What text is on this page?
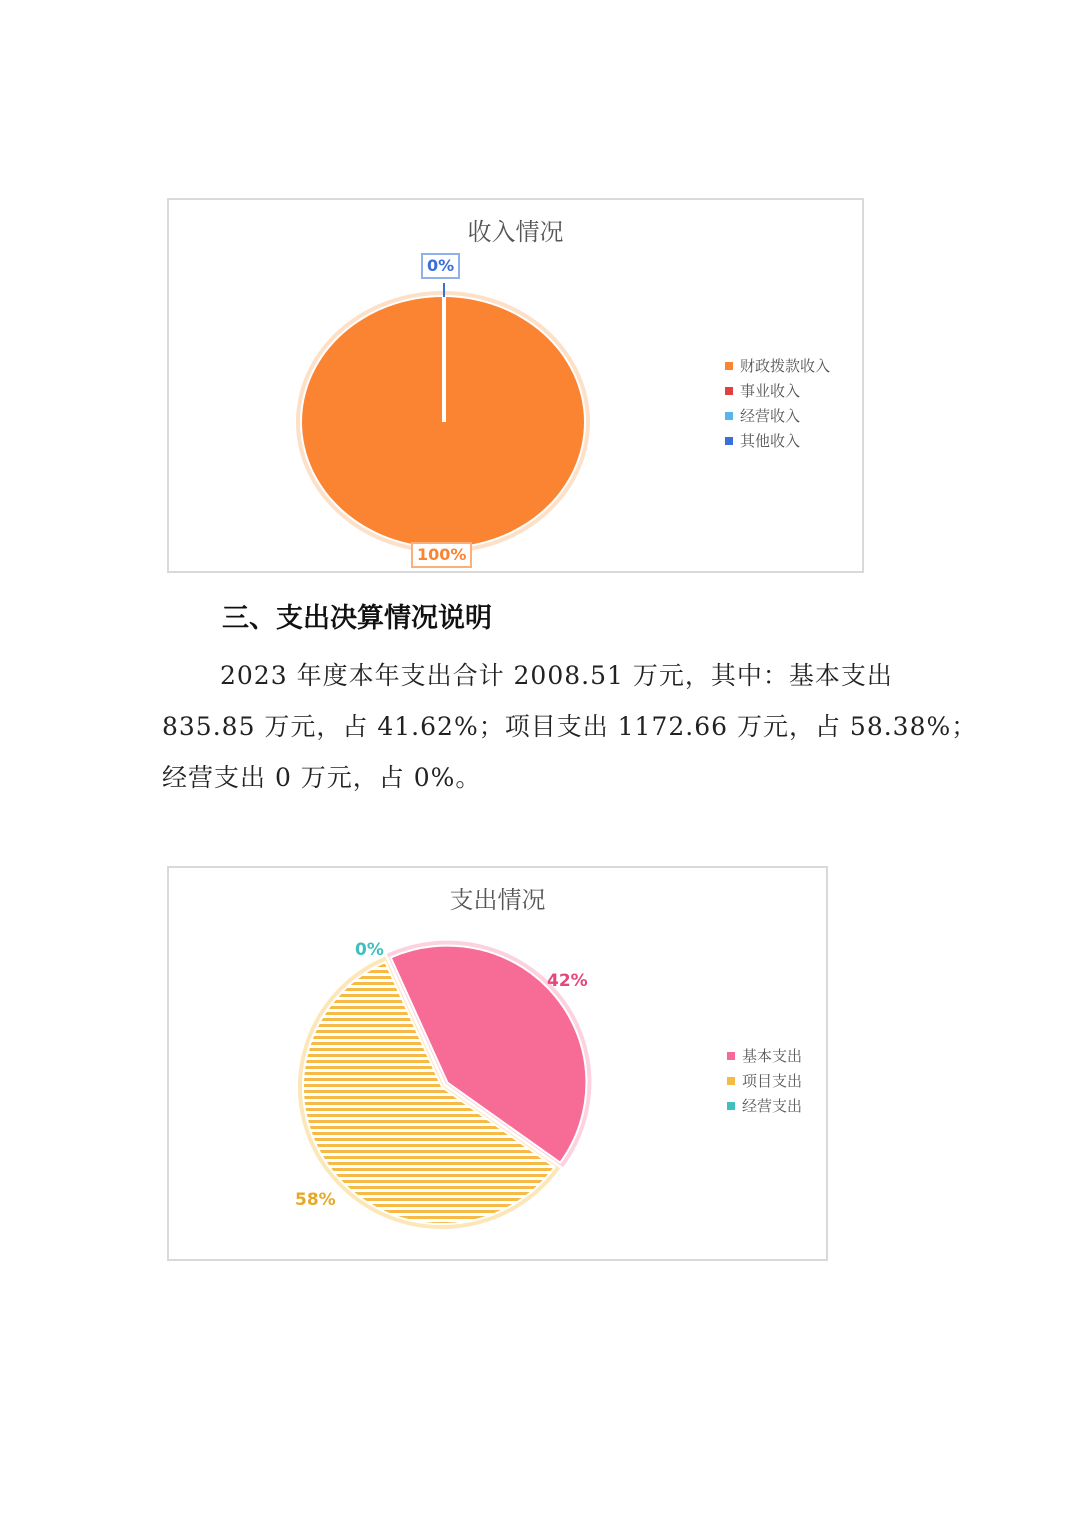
收入情况
0%
100%
财政拨款收入
事业收入
经营收入
其他收入
三、支出决算情况说明
2023 年度本年支出合计 2008.51 万元，其中：基本支出
835.85 万元，占 41.62%；项目支出 1172.66 万元，占 58.38%；
经营支出 0 万元，占 0%。
支出情况
0%
42%
58%
基本支出
项目支出
经营支出
